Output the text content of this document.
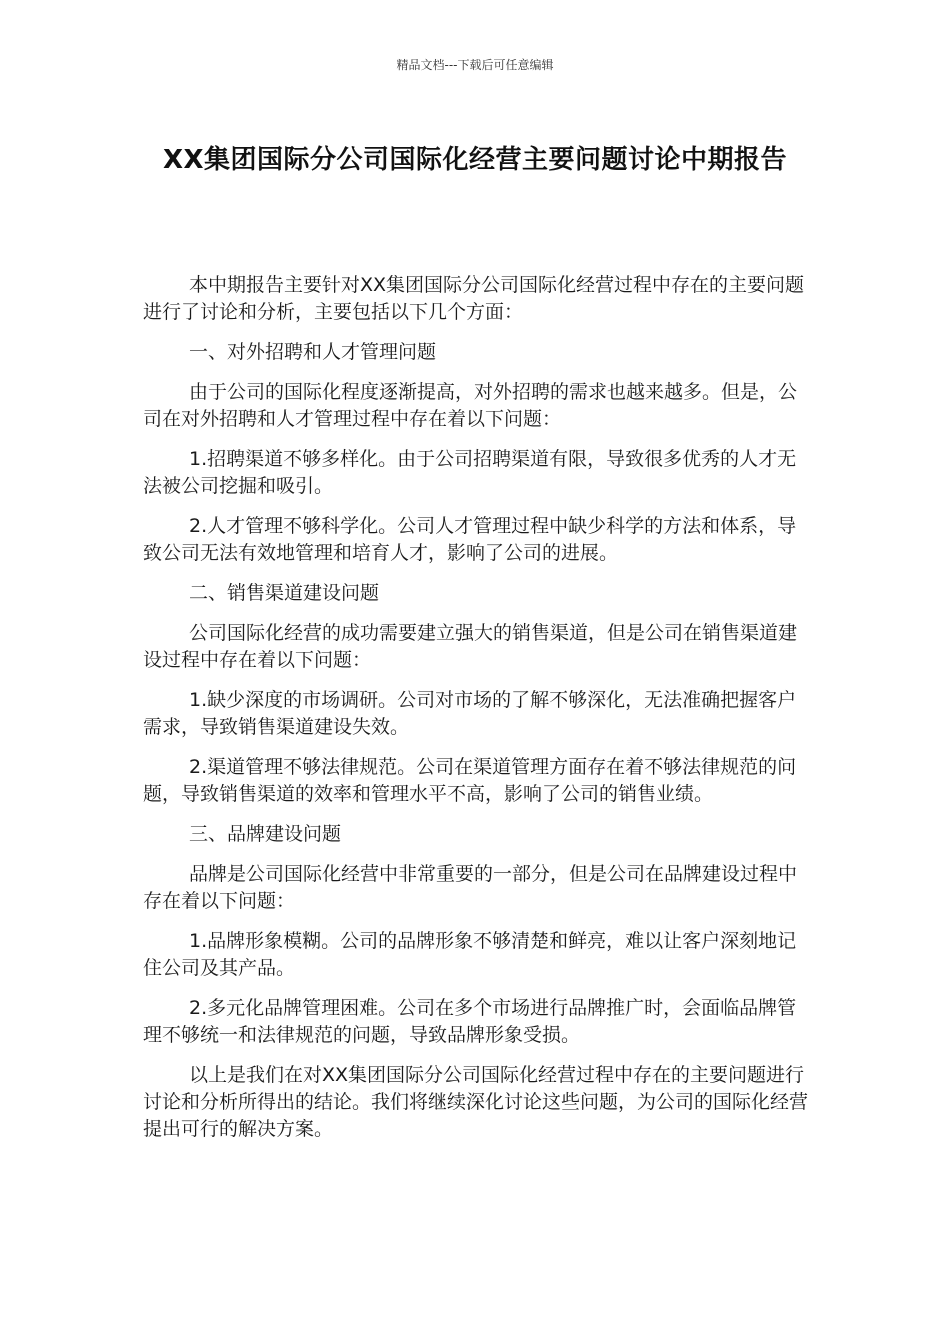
精品文档---下载后可任意编辑
XX集团国际分公司国际化经营主要问题讨论中期报告

本中期报告主要针对XX集团国际分公司国际化经营过程中存在的主要问题进行了讨论和分析，主要包括以下几个方面：

一、对外招聘和人才管理问题

由于公司的国际化程度逐渐提高，对外招聘的需求也越来越多。但是，公司在对外招聘和人才管理过程中存在着以下问题：

1.招聘渠道不够多样化。由于公司招聘渠道有限，导致很多优秀的人才无法被公司挖掘和吸引。

2.人才管理不够科学化。公司人才管理过程中缺少科学的方法和体系，导致公司无法有效地管理和培育人才，影响了公司的进展。

二、销售渠道建设问题

公司国际化经营的成功需要建立强大的销售渠道，但是公司在销售渠道建设过程中存在着以下问题：

1.缺少深度的市场调研。公司对市场的了解不够深化，无法准确把握客户需求，导致销售渠道建设失效。

2.渠道管理不够法律规范。公司在渠道管理方面存在着不够法律规范的问题，导致销售渠道的效率和管理水平不高，影响了公司的销售业绩。

三、品牌建设问题

品牌是公司国际化经营中非常重要的一部分，但是公司在品牌建设过程中存在着以下问题：

1.品牌形象模糊。公司的品牌形象不够清楚和鲜亮，难以让客户深刻地记住公司及其产品。

2.多元化品牌管理困难。公司在多个市场进行品牌推广时，会面临品牌管理不够统一和法律规范的问题，导致品牌形象受损。

以上是我们在对XX集团国际分公司国际化经营过程中存在的主要问题进行讨论和分析所得出的结论。我们将继续深化讨论这些问题，为公司的国际化经营提出可行的解决方案。
